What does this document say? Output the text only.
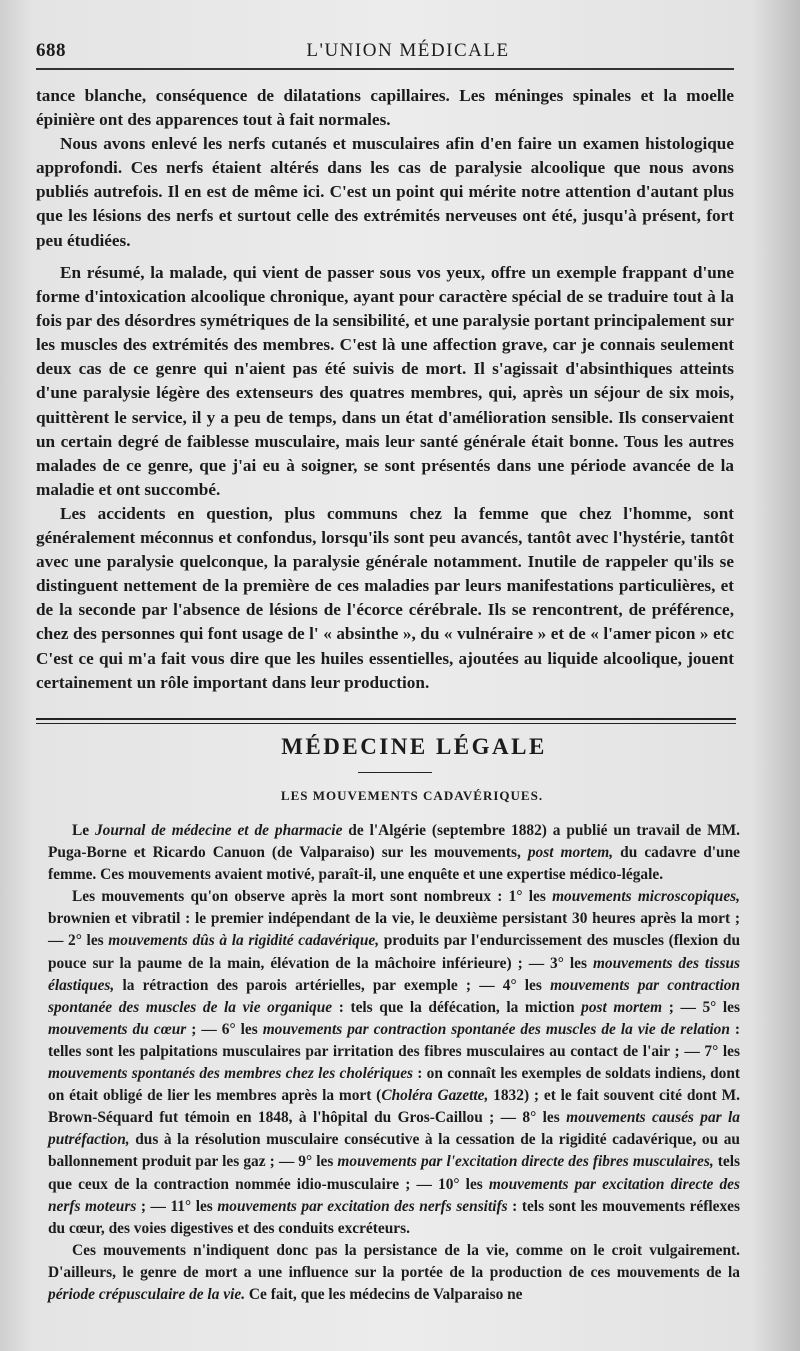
688	L'UNION MÉDICALE

tance blanche, conséquence de dilatations capillaires. Les méninges spinales et la moelle épinière ont des apparences tout à fait normales.

Nous avons enlevé les nerfs cutanés et musculaires afin d'en faire un examen histologique approfondi. Ces nerfs étaient altérés dans les cas de paralysie alcoolique que nous avons publiés autrefois. Il en est de même ici. C'est un point qui mérite notre attention d'autant plus que les lésions des nerfs et surtout celle des extrémités nerveuses ont été, jusqu'à présent, fort peu étudiées.

En résumé, la malade, qui vient de passer sous vos yeux, offre un exemple frappant d'une forme d'intoxication alcoolique chronique, ayant pour caractère spécial de se traduire tout à la fois par des désordres symétriques de la sensibilité, et une paralysie portant principalement sur les muscles des extrémités des membres. C'est là une affection grave, car je connais seulement deux cas de ce genre qui n'aient pas été suivis de mort. Il s'agissait d'absinthiques atteints d'une paralysie légère des extenseurs des quatres membres, qui, après un séjour de six mois, quittèrent le service, il y a peu de temps, dans un état d'amélioration sensible. Ils conservaient un certain degré de faiblesse musculaire, mais leur santé générale était bonne. Tous les autres malades de ce genre, que j'ai eu à soigner, se sont présentés dans une période avancée de la maladie et ont succombé.

Les accidents en question, plus communs chez la femme que chez l'homme, sont généralement méconnus et confondus, lorsqu'ils sont peu avancés, tantôt avec l'hystérie, tantôt avec une paralysie quelconque, la paralysie générale notamment. Inutile de rappeler qu'ils se distinguent nettement de la première de ces maladies par leurs manifestations particulières, et de la seconde par l'absence de lésions de l'écorce cérébrale. Ils se rencontrent, de préférence, chez des personnes qui font usage de l' « absinthe », du « vulnéraire » et de « l'amer picon » etc C'est ce qui m'a fait vous dire que les huiles essentielles, ajoutées au liquide alcoolique, jouent certainement un rôle important dans leur production.

MÉDECINE LÉGALE
LES MOUVEMENTS CADAVÉRIQUES.

Le Journal de médecine et de pharmacie de l'Algérie (septembre 1882) a publié un travail de MM. Puga-Borne et Ricardo Canuon (de Valparaiso) sur les mouvements, post mortem, du cadavre d'une femme. Ces mouvements avaient motivé, paraît-il, une enquête et une expertise médico-légale.

Les mouvements qu'on observe après la mort sont nombreux : 1° les mouvements microscopiques, brownien et vibratil : le premier indépendant de la vie, le deuxième persistant 30 heures après la mort ; — 2° les mouvements dûs à la rigidité cadavérique, produits par l'endurcissement des muscles (flexion du pouce sur la paume de la main, élévation de la mâchoire inférieure) ; — 3° les mouvements des tissus élastiques, la rétraction des parois artérielles, par exemple ; — 4° les mouvements par contraction spontanée des muscles de la vie organique : tels que la défécation, la miction post mortem ; — 5° les mouvements du cœur ; — 6° les mouvements par contraction spontanée des muscles de la vie de relation : telles sont les palpitations musculaires par irritation des fibres musculaires au contact de l'air ; — 7° les mouvements spontanés des membres chez les cholériques : on connaît les exemples de soldats indiens, dont on était obligé de lier les membres après la mort (Choléra Gazette, 1832) ; et le fait souvent cité dont M. Brown-Séquard fut témoin en 1848, à l'hôpital du Gros-Caillou ; — 8° les mouvements causés par la putréfaction, dus à la résolution musculaire consécutive à la cessation de la rigidité cadavérique, ou au ballonnement produit par les gaz ; — 9° les mouvements par l'excitation directe des fibres musculaires, tels que ceux de la contraction nommée idio-musculaire ; — 10° les mouvements par excitation directe des nerfs moteurs ; — 11° les mouvements par excitation des nerfs sensitifs : tels sont les mouvements réflexes du cœur, des voies digestives et des conduits excréteurs.

Ces mouvements n'indiquent donc pas la persistance de la vie, comme on le croit vulgairement. D'ailleurs, le genre de mort a une influence sur la portée de la production de ces mouvements de la période crépusculaire de la vie. Ce fait, que les médecins de Valparaiso ne
